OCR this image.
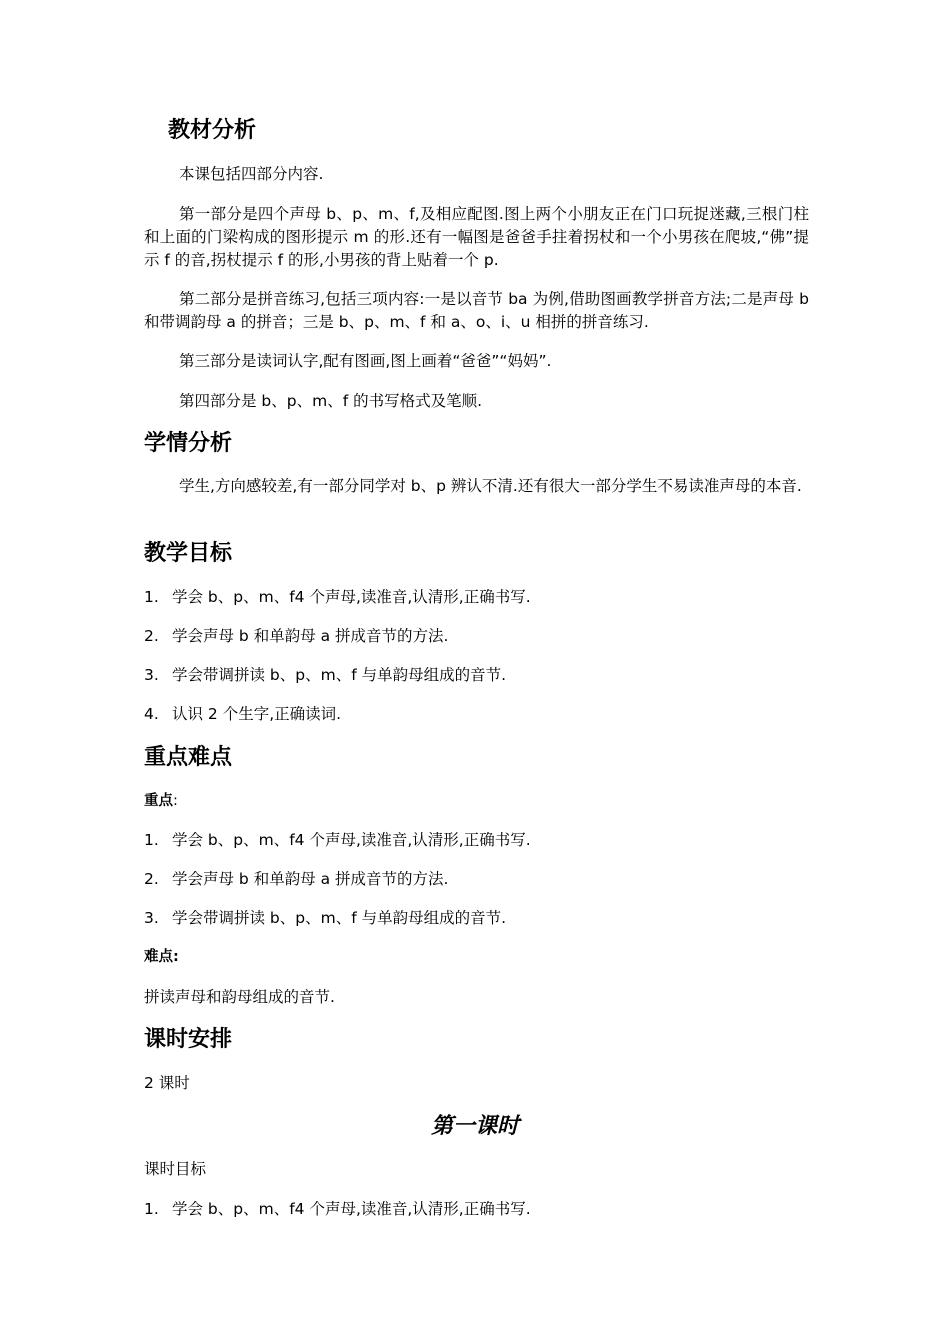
教材分析

本课包括四部分内容.

第一部分是四个声母 b、p、m、f,及相应配图.图上两个小朋友正在门口玩捉迷藏,三根门柱和上面的门梁构成的图形提示 m 的形.还有一幅图是爸爸手拄着拐杖和一个小男孩在爬坡,“佛”提示 f 的音,拐杖提示 f 的形,小男孩的背上贴着一个 p.

第二部分是拼音练习,包括三项内容:一是以音节 ba 为例,借助图画教学拼音方法;二是声母 b 和带调韵母 a 的拼音；三是 b、p、m、f 和 a、o、i、u 相拼的拼音练习.

第三部分是读词认字,配有图画,图上画着“爸爸”“妈妈”.

第四部分是 b、p、m、f 的书写格式及笔顺.

学情分析

学生,方向感较差,有一部分同学对 b、p 辨认不清.还有很大一部分学生不易读准声母的本音.

教学目标

1. 学会 b、p、m、f4 个声母,读准音,认清形,正确书写.

2. 学会声母 b 和单韵母 a 拼成音节的方法.

3. 学会带调拼读 b、p、m、f 与单韵母组成的音节.

4. 认识 2 个生字,正确读词.

重点难点

重点:

1. 学会 b、p、m、f4 个声母,读准音,认清形,正确书写.

2. 学会声母 b 和单韵母 a 拼成音节的方法.

3. 学会带调拼读 b、p、m、f 与单韵母组成的音节.

难点:

拼读声母和韵母组成的音节.

课时安排

2 课时

第一课时

课时目标

1. 学会 b、p、m、f4 个声母,读准音,认清形,正确书写.
